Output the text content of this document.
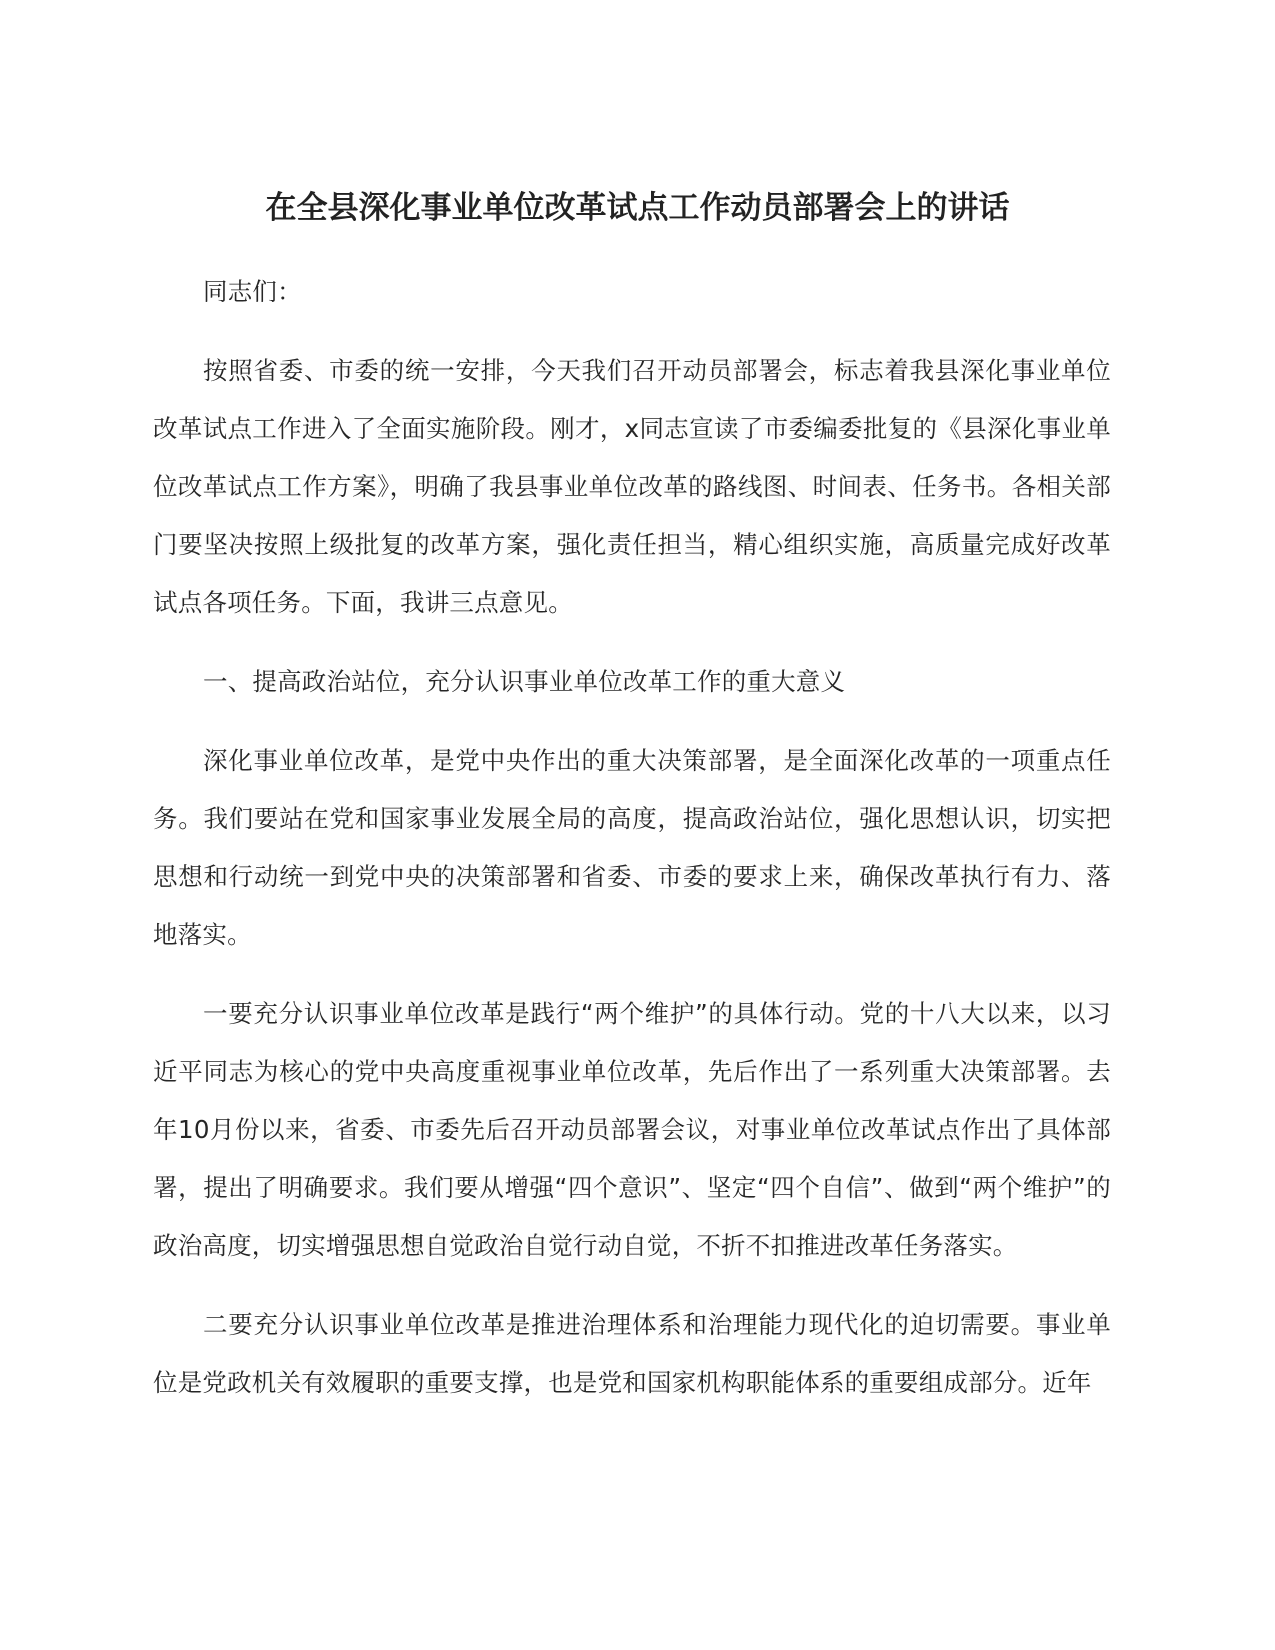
在全县深化事业单位改革试点工作动员部署会上的讲话

同志们：

按照省委、市委的统一安排，今天我们召开动员部署会，标志着我县深化事业单位改革试点工作进入了全面实施阶段。刚才，x同志宣读了市委编委批复的《县深化事业单位改革试点工作方案》，明确了我县事业单位改革的路线图、时间表、任务书。各相关部门要坚决按照上级批复的改革方案，强化责任担当，精心组织实施，高质量完成好改革试点各项任务。下面，我讲三点意见。

一、提高政治站位，充分认识事业单位改革工作的重大意义

深化事业单位改革，是党中央作出的重大决策部署，是全面深化改革的一项重点任务。我们要站在党和国家事业发展全局的高度，提高政治站位，强化思想认识，切实把思想和行动统一到党中央的决策部署和省委、市委的要求上来，确保改革执行有力、落地落实。

一要充分认识事业单位改革是践行“两个维护”的具体行动。党的十八大以来，以习近平同志为核心的党中央高度重视事业单位改革，先后作出了一系列重大决策部署。去年10月份以来，省委、市委先后召开动员部署会议，对事业单位改革试点作出了具体部署，提出了明确要求。我们要从增强“四个意识”、坚定“四个自信”、做到“两个维护”的政治高度，切实增强思想自觉政治自觉行动自觉，不折不扣推进改革任务落实。

二要充分认识事业单位改革是推进治理体系和治理能力现代化的迫切需要。事业单位是党政机关有效履职的重要支撑，也是党和国家机构职能体系的重要组成部分。近年
